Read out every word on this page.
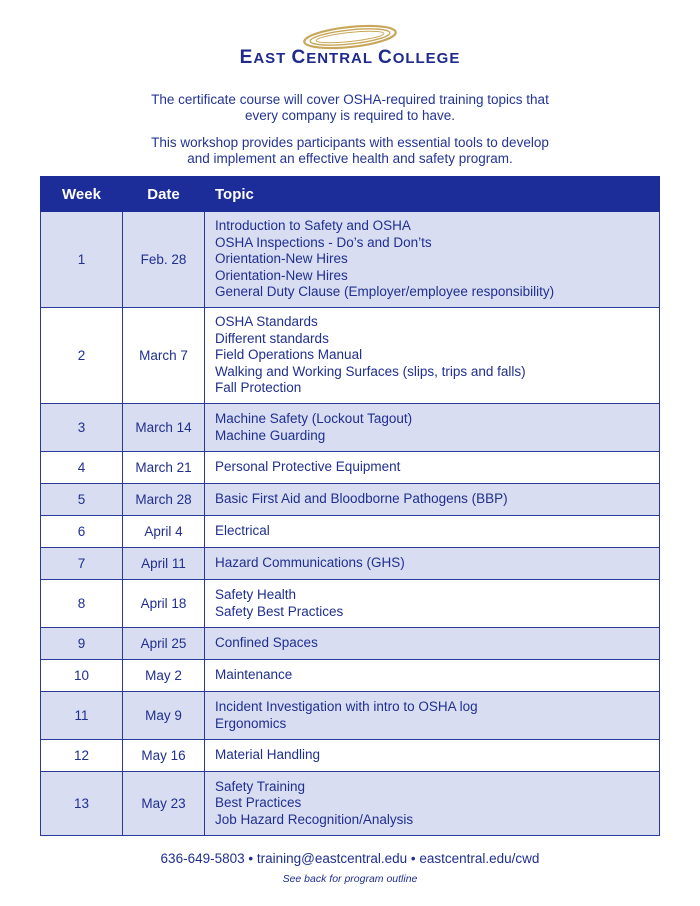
EAST CENTRAL COLLEGE
The certificate course will cover OSHA-required training topics that
every company is required to have.
This workshop provides participants with essential tools to develop
and implement an effective health and safety program.
Week	Date	Topic
1	Feb. 28	Introduction to Safety and OSHA
OSHA Inspections - Do’s and Don’ts
Orientation-New Hires
Orientation-New Hires
General Duty Clause (Employer/employee responsibility)

2	March 7	OSHA Standards
Different standards
Field Operations Manual
Walking and Working Surfaces (slips, trips and falls)
Fall Protection

3	March 14	Machine Safety (Lockout Tagout)
Machine Guarding

4	March 21	Personal Protective Equipment

5	March 28	Basic First Aid and Bloodborne Pathogens (BBP)

6	April 4	Electrical

7	April 11	Hazard Communications (GHS)

8	April 18	Safety Health
Safety Best Practices

9	April 25	Confined Spaces

10	May 2	Maintenance

11	May 9	Incident Investigation with intro to OSHA log
Ergonomics

12	May 16	Material Handling

13	May 23	Safety Training
Best Practices
Job Hazard Recognition/Analysis
636-649-5803 • training@eastcentral.edu • eastcentral.edu/cwd
See back for program outline
